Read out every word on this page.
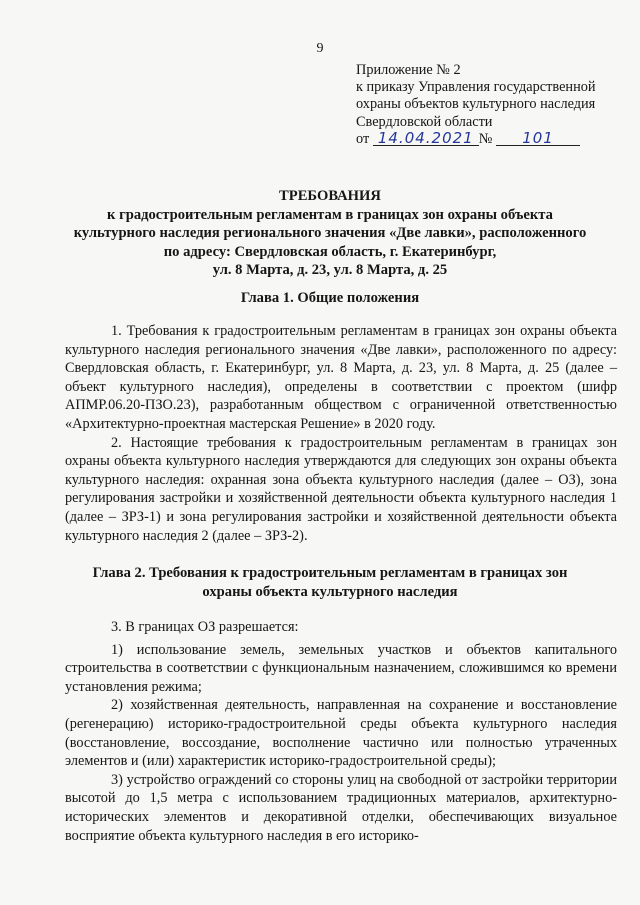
9
Приложение № 2
к приказу Управления государственной
охраны объектов культурного наследия
Свердловской области
от 14.04.2021 № 101
ТРЕБОВАНИЯ
к градостроительным регламентам в границах зон охраны объекта
культурного наследия регионального значения «Две лавки», расположенного
по адресу: Свердловская область, г. Екатеринбург,
ул. 8 Марта, д. 23, ул. 8 Марта, д. 25
Глава 1. Общие положения

1. Требования к градостроительным регламентам в границах зон охраны объекта культурного наследия регионального значения «Две лавки», расположенного по адресу: Свердловская область, г. Екатеринбург, ул. 8 Марта, д. 23, ул. 8 Марта, д. 25 (далее – объект культурного наследия), определены в соответствии с проектом (шифр АПМР.06.20-ПЗО.23), разработанным обществом с ограниченной ответственностью «Архитектурно-проектная мастерская Решение» в 2020 году.

2. Настоящие требования к градостроительным регламентам в границах зон охраны объекта культурного наследия утверждаются для следующих зон охраны объекта культурного наследия: охранная зона объекта культурного наследия (далее – ОЗ), зона регулирования застройки и хозяйственной деятельности объекта культурного наследия 1 (далее – ЗРЗ-1) и зона регулирования застройки и хозяйственной деятельности объекта культурного наследия 2 (далее – ЗРЗ-2).

Глава 2. Требования к градостроительным регламентам в границах зон
охраны объекта культурного наследия

3. В границах ОЗ разрешается:

1) использование земель, земельных участков и объектов капитального строительства в соответствии с функциональным назначением, сложившимся ко времени установления режима;

2) хозяйственная деятельность, направленная на сохранение и восстановление (регенерацию) историко-градостроительной среды объекта культурного наследия (восстановление, воссоздание, восполнение частично или полностью утраченных элементов и (или) характеристик историко-градостроительной среды);

3) устройство ограждений со стороны улиц на свободной от застройки территории высотой до 1,5 метра с использованием традиционных материалов, архитектурно-исторических элементов и декоративной отделки, обеспечивающих визуальное восприятие объекта культурного наследия в его историко-
